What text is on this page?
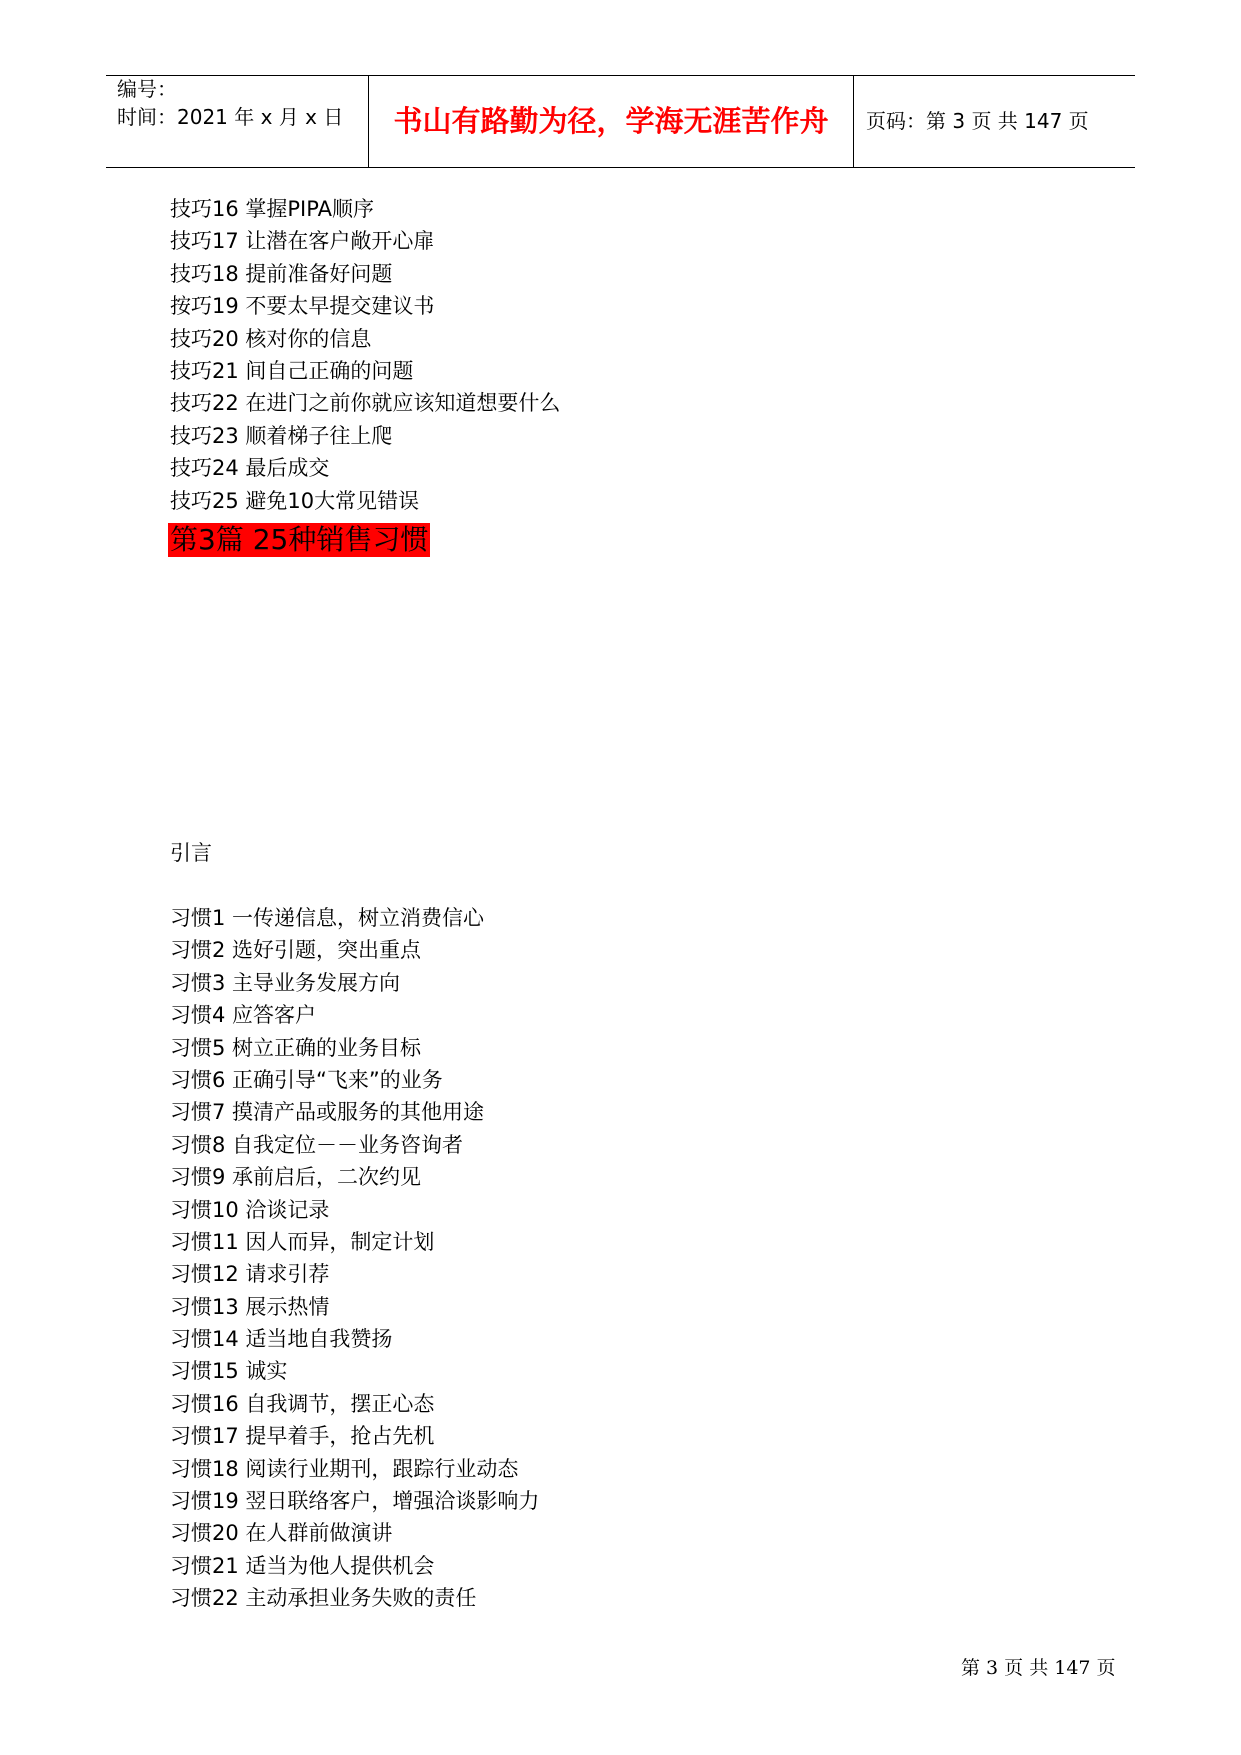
编号：
时间：2021 年 x 月 x 日	书山有路勤为径，学海无涯苦作舟	页码：第 3 页 共 147 页
技巧16 掌握PIPA顺序
技巧17 让潜在客户敞开心扉
技巧18 提前准备好问题
按巧19 不要太早提交建议书
技巧20 核对你的信息
技巧21 间自己正确的问题
技巧22 在进门之前你就应该知道想要什么
技巧23 顺着梯子往上爬
技巧24 最后成交
技巧25 避免10大常见错误
第3篇 25种销售习惯
引言
习惯1 一传递信息，树立消费信心
习惯2 选好引题，突出重点
习惯3 主导业务发展方向
习惯4 应答客户
习惯5 树立正确的业务目标
习惯6 正确引导“飞来”的业务
习惯7 摸清产品或服务的其他用途
习惯8 自我定位－－业务咨询者
习惯9 承前启后，二次约见
习惯10 洽谈记录
习惯11 因人而异，制定计划
习惯12 请求引荐
习惯13 展示热情
习惯14 适当地自我赞扬
习惯15 诚实
习惯16 自我调节，摆正心态
习惯17 提早着手，抢占先机
习惯18 阅读行业期刊，跟踪行业动态
习惯19 翌日联络客户，增强洽谈影响力
习惯20 在人群前做演讲
习惯21 适当为他人提供机会
习惯22 主动承担业务失败的责任
第 3 页 共 147 页
